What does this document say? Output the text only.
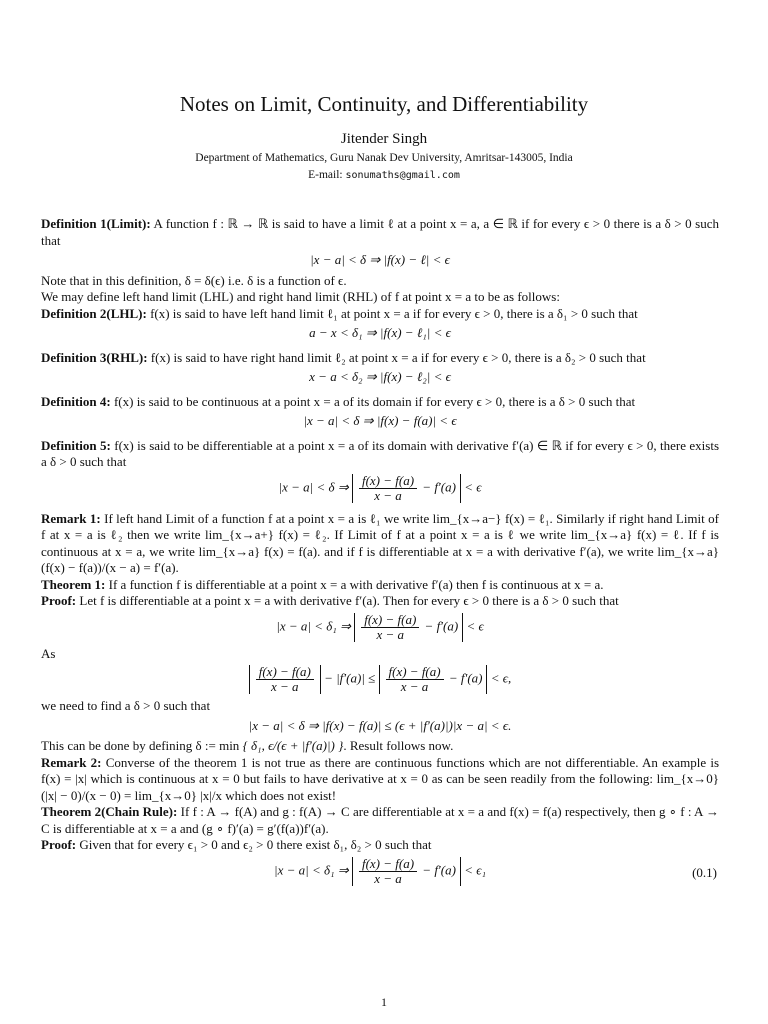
Notes on Limit, Continuity, and Differentiability
Jitender Singh
Department of Mathematics, Guru Nanak Dev University, Amritsar-143005, India
E-mail: sonumaths@gmail.com

Definition 1(Limit): A function f : ℝ → ℝ is said to have a limit ℓ at a point x = a, a ∈ ℝ if for every ϵ > 0 there is a δ > 0 such that

|x − a| < δ ⇒ |f(x) − ℓ| < ϵ

Note that in this definition, δ = δ(ϵ) i.e. δ is a function of ϵ.

We may define left hand limit (LHL) and right hand limit (RHL) of f at point x = a to be as follows:

Definition 2(LHL): f(x) is said to have left hand limit ℓ₁ at point x = a if for every ϵ > 0, there is a δ₁ > 0 such that

a − x < δ₁ ⇒ |f(x) − ℓ₁| < ϵ

Definition 3(RHL): f(x) is said to have right hand limit ℓ₂ at point x = a if for every ϵ > 0, there is a δ₂ > 0 such that

x − a < δ₂ ⇒ |f(x) − ℓ₂| < ϵ

Definition 4: f(x) is said to be continuous at a point x = a of its domain if for every ϵ > 0, there is a δ > 0 such that

|x − a| < δ ⇒ |f(x) − f(a)| < ϵ

Definition 5: f(x) is said to be differentiable at a point x = a of its domain with derivative f′(a) ∈ ℝ if for every ϵ > 0, there exists a δ > 0 such that

|x − a| < δ ⇒ $\frac{f(x) - f(a)}{x - a} - f'(a) < \epsilon$

Remark 1: If left hand Limit of a function f at a point x = a is ℓ₁ we write lim_{x→a−} f(x) = ℓ₁. Similarly if right hand Limit of f at x = a is ℓ₂ then we write lim_{x→a+} f(x) = ℓ₂. If Limit of f at a point x = a is ℓ we write lim_{x→a} f(x) = ℓ. If f is continuous at x = a, we write lim_{x→a} f(x) = f(a). and if f is differentiable at x = a with derivative f′(a), we write lim_{x→a} (f(x) − f(a))/(x − a) = f′(a).

Theorem 1: If a function f is differentiable at a point x = a with derivative f′(a) then f is continuous at x = a.

Proof: Let f is differentiable at a point x = a with derivative f′(a). Then for every ϵ > 0 there is a δ > 0 such that

|x − a| < δ₁ ⇒ $\frac{f(x) - f(a)}{x - a} - f'(a) < \epsilon$

As

$\frac{f(x) - f(a)}{x - a} - |f'(a)| \le \frac{f(x) - f(a)}{x - a} - f'(a) < \epsilon$,

we need to find a δ > 0 such that

|x − a| < δ ⇒ |f(x) − f(a)| ≤ (ϵ + |f′(a)|)|x − a| < ϵ.

This can be done by defining δ := min { δ₁, ϵ/(ϵ + |f′(a)|) }. Result follows now.

Remark 2: Converse of the theorem 1 is not true as there are continuous functions which are not differentiable. An example is f(x) = |x| which is continuous at x = 0 but fails to have derivative at x = 0 as can be seen readily from the following: lim_{x→0} (|x| − 0)/(x − 0) = lim_{x→0} |x|/x which does not exist!

Theorem 2(Chain Rule): If f : A → f(A) and g : f(A) → C are differentiable at x = a and f(x) = f(a) respectively, then g ∘ f : A → C is differentiable at x = a and (g ∘ f)′(a) = g′(f(a))f′(a).

Proof: Given that for every ϵ₁ > 0 and ϵ₂ > 0 there exist δ₁, δ₂ > 0 such that

|x − a| < δ₁ ⇒ $\frac{f(x) - f(a)}{x - a} - f'(a) < \epsilon_1$	(0.1)
1
